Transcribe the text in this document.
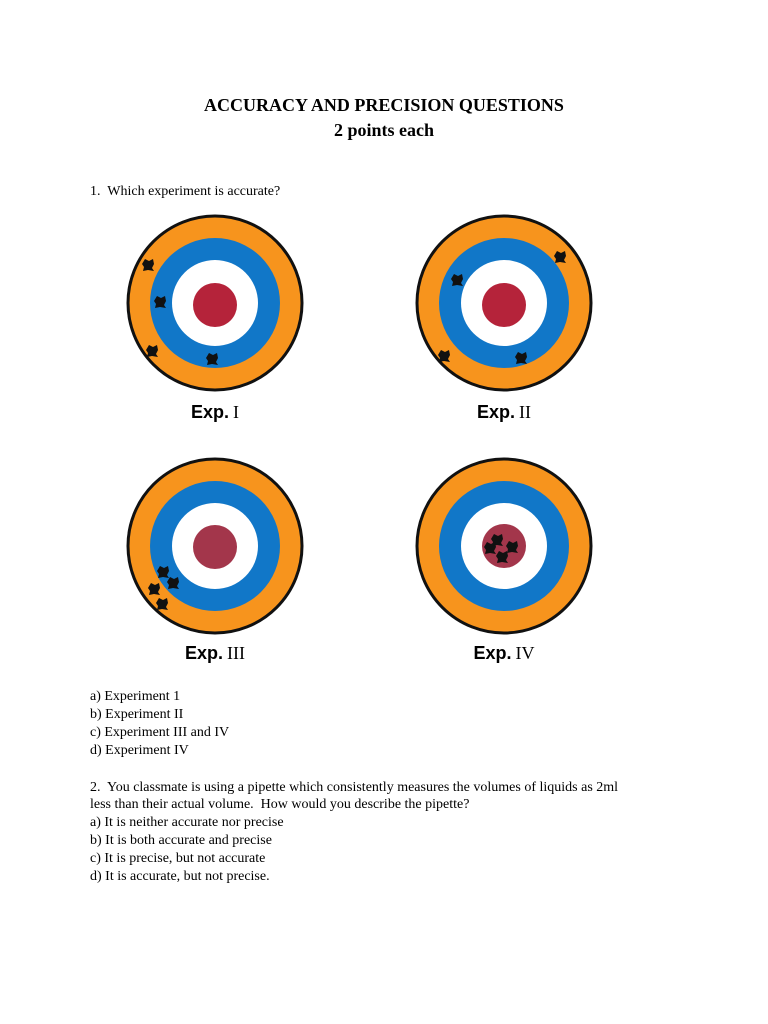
ACCURACY AND PRECISION QUESTIONS
2 points each
1.  Which experiment is accurate?
Exp. I	Exp. II
Exp. III	Exp. IV
a) Experiment 1
b) Experiment II
c) Experiment III and IV
d) Experiment IV
2.  You classmate is using a pipette which consistently measures the volumes of liquids as 2ml
less than their actual volume.  How would you describe the pipette?
a) It is neither accurate nor precise
b) It is both accurate and precise
c) It is precise, but not accurate
d) It is accurate, but not precise.
